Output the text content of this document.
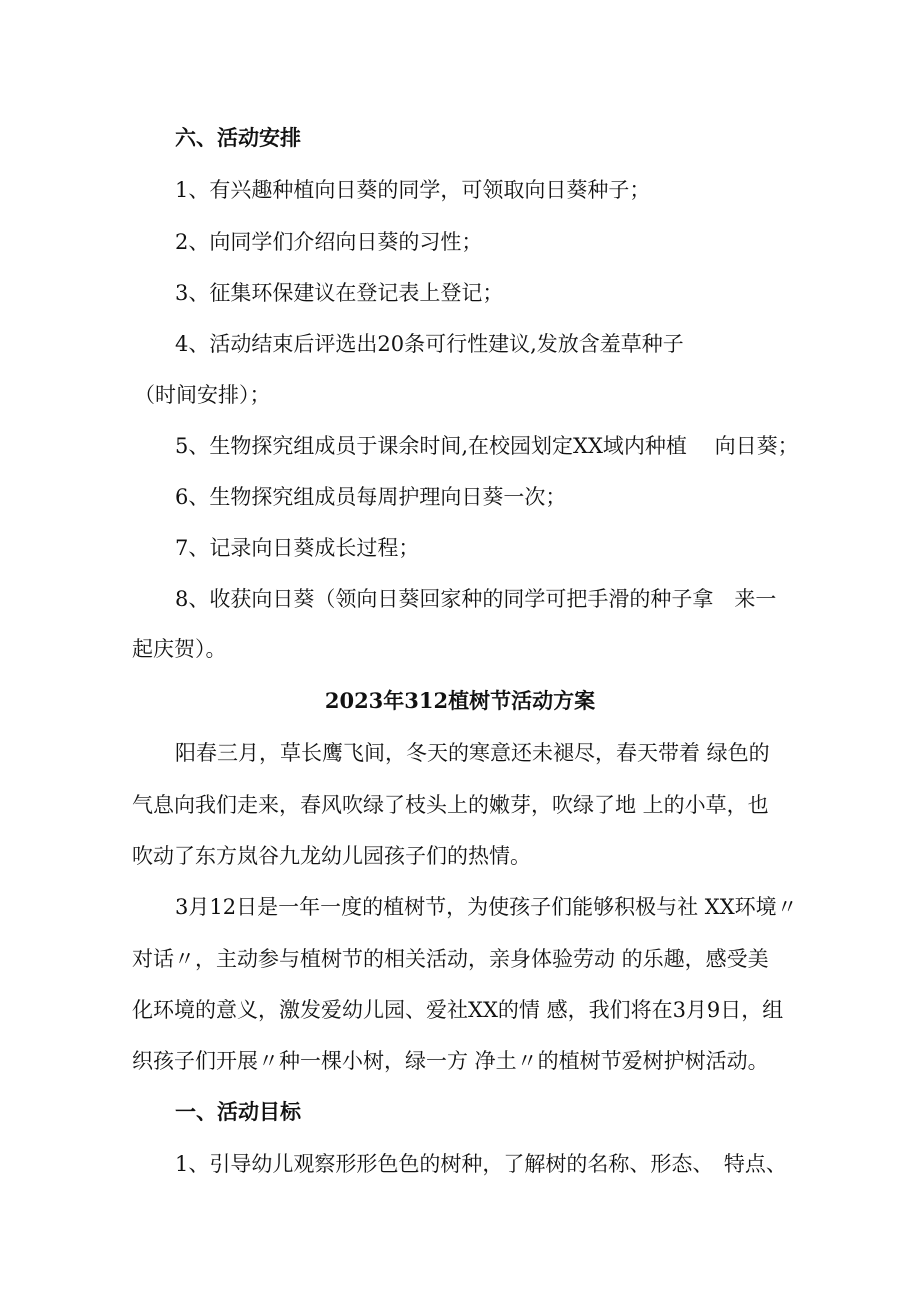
六、活动安排
1、有兴趣种植向日葵的同学，可领取向日葵种子；
2、向同学们介绍向日葵的习性；
3、征集环保建议在登记表上登记；
4、活动结束后评选出20条可行性建议,发放含羞草种子
（时间安排）；
5、生物探究组成员于课余时间,在校园划定XX域内种植　 向日葵；
6、生物探究组成员每周护理向日葵一次；
7、记录向日葵成长过程；
8、收获向日葵（领向日葵回家种的同学可把手滑的种子拿　来一
起庆贺）。
2023年312植树节活动方案
阳春三月，草长鹰飞间，冬天的寒意还未褪尽，春天带着 绿色的
气息向我们走来，春风吹绿了枝头上的嫩芽，吹绿了地 上的小草，也
吹动了东方岚谷九龙幼儿园孩子们的热情。
3月12日是一年一度的植树节，为使孩子们能够积极与社 XX环境〃
对话〃，主动参与植树节的相关活动，亲身体验劳动 的乐趣，感受美
化环境的意义，激发爱幼儿园、爱社XX的情 感，我们将在3月9日，组
织孩子们开展〃种一棵小树，绿一方 净土〃的植树节爱树护树活动。
一、活动目标
1、引导幼儿观察形形色色的树种，了解树的名称、形态、　特点、
